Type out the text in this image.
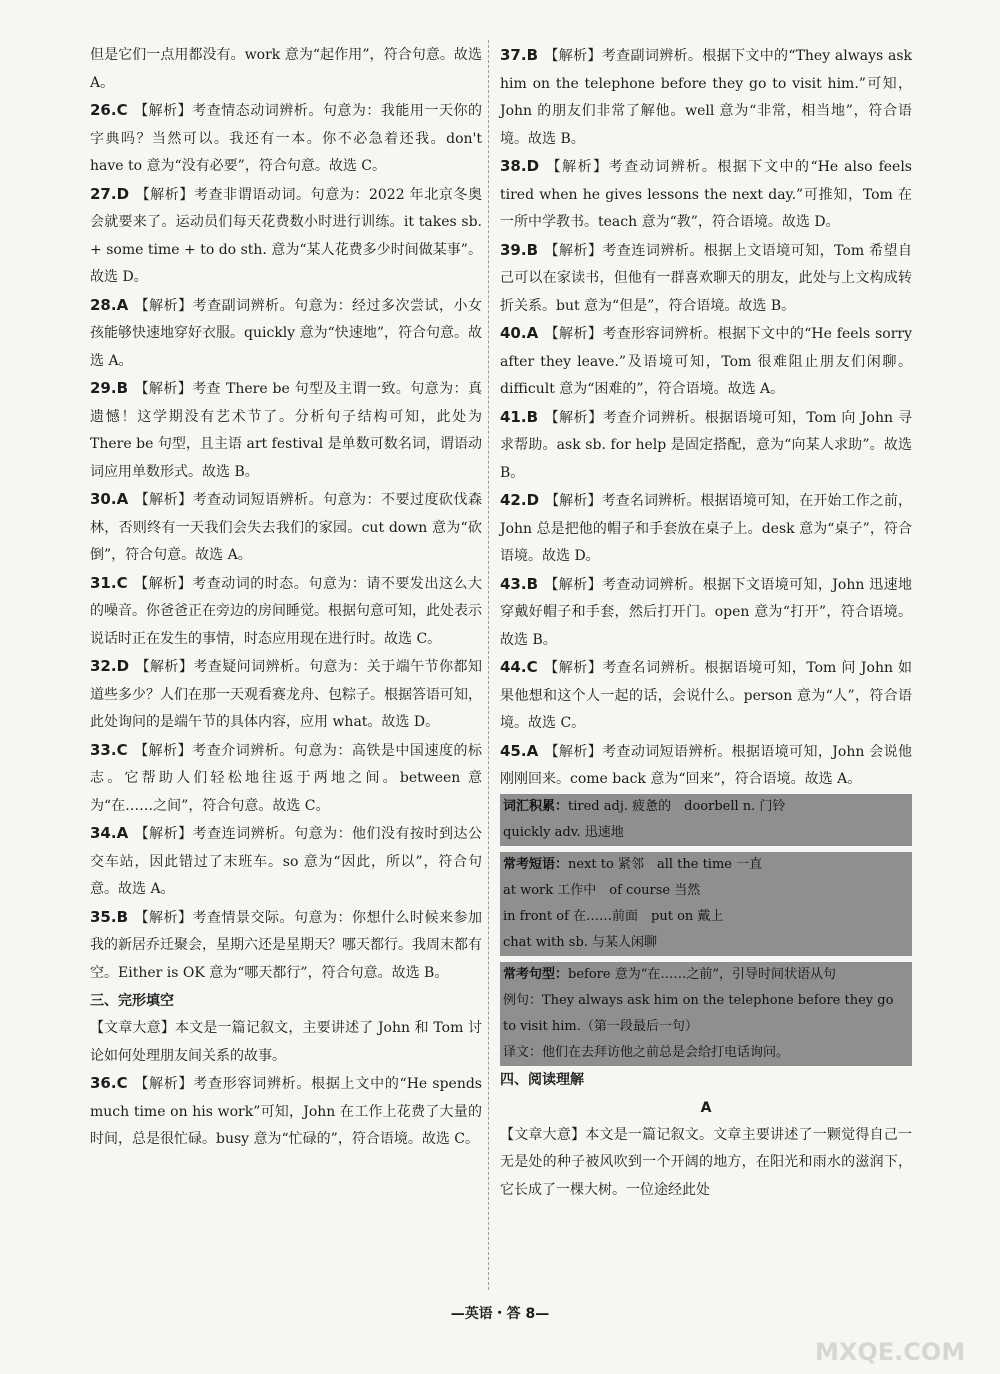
但是它们一点用都没有。work 意为“起作用”，符合句意。故选 A。

26.C 【解析】考查情态动词辨析。句意为：我能用一天你的字典吗？当然可以。我还有一本。你不必急着还我。don't have to 意为“没有必要”，符合句意。故选 C。

27.D 【解析】考查非谓语动词。句意为：2022 年北京冬奥会就要来了。运动员们每天花费数小时进行训练。it takes sb. + some time + to do sth. 意为“某人花费多少时间做某事”。故选 D。

28.A 【解析】考查副词辨析。句意为：经过多次尝试，小女孩能够快速地穿好衣服。quickly 意为“快速地”，符合句意。故选 A。

29.B 【解析】考查 There be 句型及主谓一致。句意为：真遗憾！这学期没有艺术节了。分析句子结构可知，此处为 There be 句型，且主语 art festival 是单数可数名词，谓语动词应用单数形式。故选 B。

30.A 【解析】考查动词短语辨析。句意为：不要过度砍伐森林，否则终有一天我们会失去我们的家园。cut down 意为“砍倒”，符合句意。故选 A。

31.C 【解析】考查动词的时态。句意为：请不要发出这么大的噪音。你爸爸正在旁边的房间睡觉。根据句意可知，此处表示说话时正在发生的事情，时态应用现在进行时。故选 C。

32.D 【解析】考查疑问词辨析。句意为：关于端午节你都知道些多少？人们在那一天观看赛龙舟、包粽子。根据答语可知，此处询问的是端午节的具体内容，应用 what。故选 D。

33.C 【解析】考查介词辨析。句意为：高铁是中国速度的标志。它帮助人们轻松地往返于两地之间。between 意为“在……之间”，符合句意。故选 C。

34.A 【解析】考查连词辨析。句意为：他们没有按时到达公交车站，因此错过了末班车。so 意为“因此，所以”，符合句意。故选 A。

35.B 【解析】考查情景交际。句意为：你想什么时候来参加我的新居乔迁聚会，星期六还是星期天？哪天都行。我周末都有空。Either is OK 意为“哪天都行”，符合句意。故选 B。

三、完形填空

【文章大意】本文是一篇记叙文，主要讲述了 John 和 Tom 讨论如何处理朋友间关系的故事。

36.C 【解析】考查形容词辨析。根据上文中的“He spends much time on his work”可知，John 在工作上花费了大量的时间，总是很忙碌。busy 意为“忙碌的”，符合语境。故选 C。

37.B 【解析】考查副词辨析。根据下文中的“They always ask him on the telephone before they go to visit him.”可知，John 的朋友们非常了解他。well 意为“非常，相当地”，符合语境。故选 B。

38.D 【解析】考查动词辨析。根据下文中的“He also feels tired when he gives lessons the next day.”可推知，Tom 在一所中学教书。teach 意为“教”，符合语境。故选 D。

39.B 【解析】考查连词辨析。根据上文语境可知，Tom 希望自己可以在家读书，但他有一群喜欢聊天的朋友，此处与上文构成转折关系。but 意为“但是”，符合语境。故选 B。

40.A 【解析】考查形容词辨析。根据下文中的“He feels sorry after they leave.”及语境可知，Tom 很难阻止朋友们闲聊。difficult 意为“困难的”，符合语境。故选 A。

41.B 【解析】考查介词辨析。根据语境可知，Tom 向 John 寻求帮助。ask sb. for help 是固定搭配，意为“向某人求助”。故选 B。

42.D 【解析】考查名词辨析。根据语境可知，在开始工作之前，John 总是把他的帽子和手套放在桌子上。desk 意为“桌子”，符合语境。故选 D。

43.B 【解析】考查动词辨析。根据下文语境可知，John 迅速地穿戴好帽子和手套，然后打开门。open 意为“打开”，符合语境。故选 B。

44.C 【解析】考查名词辨析。根据语境可知，Tom 问 John 如果他想和这个人一起的话，会说什么。person 意为“人”，符合语境。故选 C。

45.A 【解析】考查动词短语辨析。根据语境可知，John 会说他刚刚回来。come back 意为“回来”，符合语境。故选 A。

词汇积累：tired adj. 疲惫的　doorbell n. 门铃
quickly adv. 迅速地
常考短语：next to 紧邻　all the time 一直
at work 工作中　of course 当然
in front of 在……前面　put on 戴上
chat with sb. 与某人闲聊
常考句型：before 意为“在……之前”，引导时间状语从句
例句：They always ask him on the telephone before they go to visit him.（第一段最后一句）
译文：他们在去拜访他之前总是会给打电话询问。

四、阅读理解

A

【文章大意】本文是一篇记叙文。文章主要讲述了一颗觉得自己一无是处的种子被风吹到一个开阔的地方，在阳光和雨水的滋润下，它长成了一棵大树。一位途经此处

—英语・答 8—
MXQE.COM
